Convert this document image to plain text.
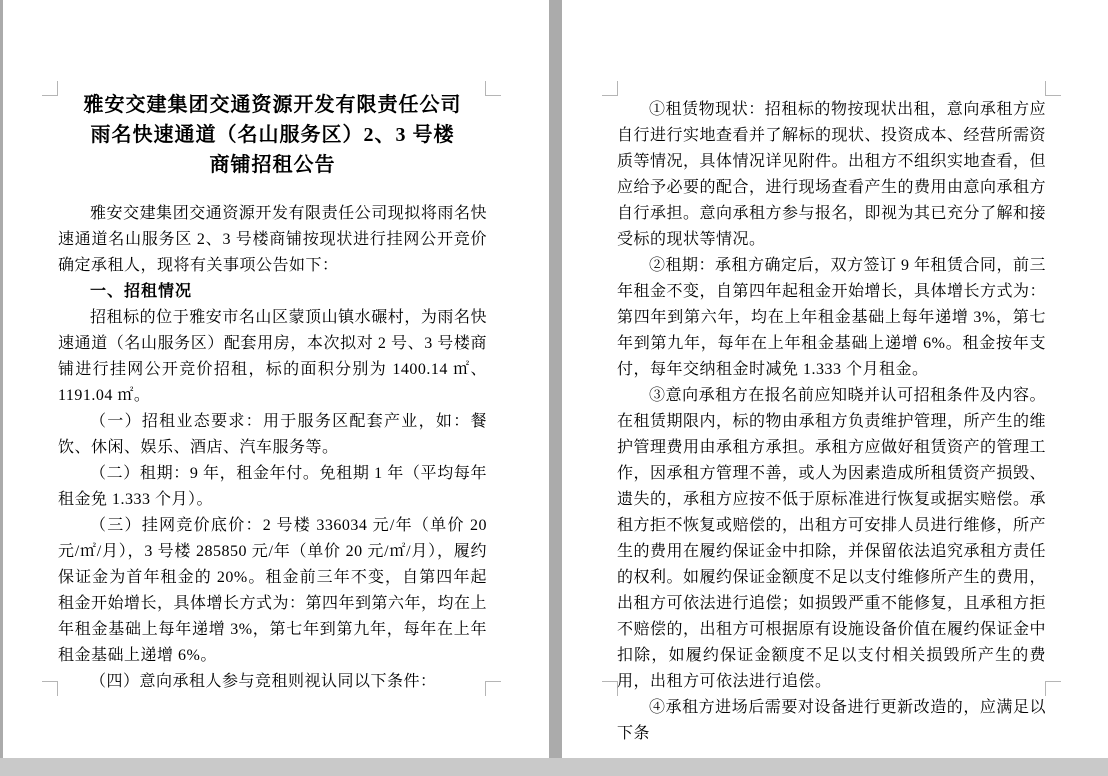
雅安交建集团交通资源开发有限责任公司
雨名快速通道（名山服务区）2、3 号楼
商铺招租公告

雅安交建集团交通资源开发有限责任公司现拟将雨名快速通道名山服务区 2、3 号楼商铺按现状进行挂网公开竞价确定承租人，现将有关事项公告如下：

一、招租情况

招租标的位于雅安市名山区蒙顶山镇水碾村，为雨名快速通道（名山服务区）配套用房，本次拟对 2 号、3 号楼商铺进行挂网公开竞价招租，标的面积分别为 1400.14 ㎡、1191.04 ㎡。

（一）招租业态要求：用于服务区配套产业，如：餐饮、休闲、娱乐、酒店、汽车服务等。

（二）租期：9 年，租金年付。免租期 1 年（平均每年租金免 1.333 个月）。

（三）挂网竞价底价：2 号楼 336034 元/年（单价 20 元/㎡/月），3 号楼 285850 元/年（单价 20 元/㎡/月），履约保证金为首年租金的 20%。租金前三年不变，自第四年起租金开始增长，具体增长方式为：第四年到第六年，均在上年租金基础上每年递增 3%，第七年到第九年，每年在上年租金基础上递增 6%。

（四）意向承租人参与竞租则视认同以下条件：

①租赁物现状：招租标的物按现状出租，意向承租方应自行进行实地查看并了解标的现状、投资成本、经营所需资质等情况，具体情况详见附件。出租方不组织实地查看，但应给予必要的配合，进行现场查看产生的费用由意向承租方自行承担。意向承租方参与报名，即视为其已充分了解和接受标的现状等情况。

②租期：承租方确定后，双方签订 9 年租赁合同，前三年租金不变，自第四年起租金开始增长，具体增长方式为：第四年到第六年，均在上年租金基础上每年递增 3%，第七年到第九年，每年在上年租金基础上递增 6%。租金按年支付，每年交纳租金时减免 1.333 个月租金。

③意向承租方在报名前应知晓并认可招租条件及内容。在租赁期限内，标的物由承租方负责维护管理，所产生的维护管理费用由承租方承担。承租方应做好租赁资产的管理工作，因承租方管理不善，或人为因素造成所租赁资产损毁、遗失的，承租方应按不低于原标准进行恢复或据实赔偿。承租方拒不恢复或赔偿的，出租方可安排人员进行维修，所产生的费用在履约保证金中扣除，并保留依法追究承租方责任的权利。如履约保证金额度不足以支付维修所产生的费用，出租方可依法进行追偿；如损毁严重不能修复，且承租方拒不赔偿的，出租方可根据原有设施设备价值在履约保证金中扣除，如履约保证金额度不足以支付相关损毁所产生的费用，出租方可依法进行追偿。

④承租方进场后需要对设备进行更新改造的，应满足以下条
